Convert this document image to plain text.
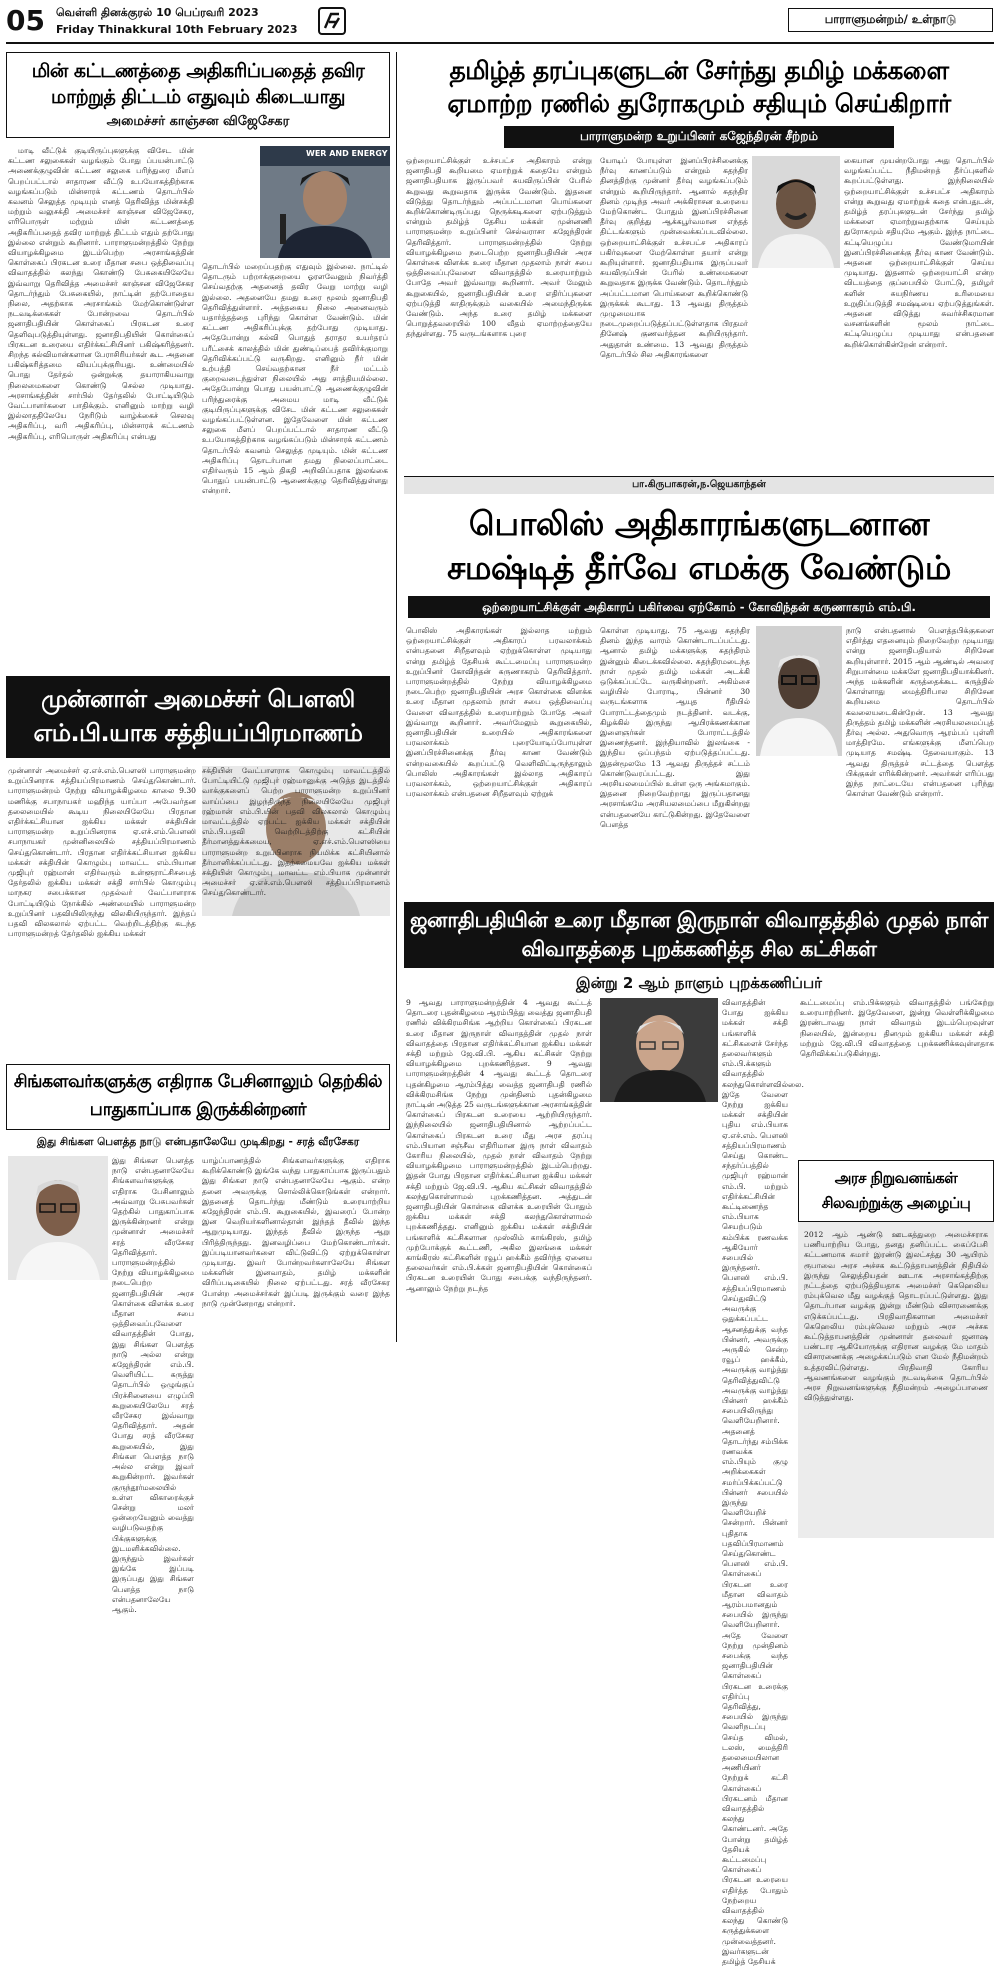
05 வெள்ளி தினக்குரல் 10 பெப்ரவரி 2023
Friday Thinakkural 10th February 2023
பாராளுமன்றம்/ உள்நாடு
மின் கட்டணத்தை அதிகரிப்பதைத் தவிர மாற்றுத் திட்டம் எதுவும் கிடையாது
அமைச்சர் காஞ்சன விஜேசேகர
மாடி வீட்டுக் குடியிருப்புகளுக்கு விசேட மின் கட்டண சலுகைகள் வழங்கும் போது ப்பயன்பாட்டு அணைக்குழுவின் கட்டண சலுகை பரிந்துரை மீளப் பெறப்பட்டால் சாதாரண வீட்டு உபயோகத்திற்காக வழங்கப்படும் மின்சாரக் கட்டணம் தொடர்பில் கவனம் செலுத்த முடியும் எனத் தெரிவித்த மின்சக்தி மற்றும் வலுசக்தி அமைச்சர் காஞ்சன விஜேசேகர, எரிபொருள் மற்றும் மின் கட்டணத்தை அதிகரிப்பதைத் தவிர மாற்றுத் திட்டம் எதும் தற்போது இல்லை என்றும் கூறினார். பாராளுமன்றத்தில் நேற்று வியாழக்கிழமை இடம்பெற்ற அரசாங்கத்தின் கொள்கைப் பிரகடன உரை மீதான சபை ஒத்திவைப்பு விவாதத்தில் கலந்து கொண்டு பேசுகையிலேயே இவ்வாறு தெரிவித்த அமைச்சர் காஞ்சன விஜேசேகர தொடர்ந்தும் பேசுகையில், நாட்டின் தற்போதைய நிலை, அதற்காக அரசாங்கம் மேற்கொண்டுள்ள நடவடிக்கைகள் போன்றவை தொடர்பில் ஜனாதிபதியின் கொள்கைப் பிரகடன உரை தெளிவுபடுத்தியுள்ளது. ஜனாதிபதியின் கொள்கைப் பிரகடன உரையை எதிர்க்கட்சியினர் பகிஷ்கரித்தனர். சிறந்த கல்விமான்களான பேராசிரியர்கள் கூட அதனை பகிஷ்கரித்தமை வியப்புக்குரியது. உண்மையில் பொது தேர்தல் ஒன்றுக்கு தயாராகியவாறு நிலைமைகளை கொண்டு செல்ல முடியாது. அரசாங்கத்தின் சார்பில் தேர்தலில் போட்டியிடும் வேட்பாளர்களை பாதிக்கும். எனினும் மாற்று வழி இல்லாததிலேயே நேரிடும் வாழ்க்கைச் செலவு அதிகரிப்பு, வரி அதிகரிப்பு, மின்சாரக் கட்டணம் அதிகரிப்பு, எரிபொருள் அதிகரிப்பு என்பது
தொடர்பில் மறைப்பதற்கு எதுவும் இல்லை. நாட்டில் தொடரும் பற்றாக்குறையை ஓரளவேனும் நிவர்த்தி செய்வதற்கு அதனைத் தவிர வேறு மாற்று வழி இல்லை. அதனையே தமது உரை மூலம் ஜனாதிபதி தெரிவித்துள்ளார். அத்தகைய நிலை அனைவரும் யதார்த்தத்தை புரிந்து கொள்ள வேண்டும். மின் கட்டண அதிகரிப்புக்கு தற்போது முடியாது. அதேபோன்று கல்வி பொதுத் தராதர உயர்தரப் பரீட்சைக் காலத்தில் மின் துண்டிப்பைத் தவிர்க்குமாறு தெரிவிக்கப்பட்டு வருகிறது. எனினும் நீர் மின் உற்பத்தி செய்வதற்கான நீர் மட்டம் குறைவடைந்துள்ள நிலையில் அது சாத்தியமில்லை. அதேபோன்று பொது பயன்பாட்டு ஆணைக்குழுவின் பரிந்துரைக்கு அமைய மாடி வீட்டுக் குடியிருப்புகளுக்கு விசேட மின் கட்டண சலுகைகள் வழங்கப்பட்டுள்ளன. இதேவேளை மின் கட்டண சலுகை மீளப் பெறப்பட்டால் சாதாரண வீட்டு உபயோகத்திற்காக வழங்கப்படும் மின்சாரக் கட்டணம் தொடர்பில் கவனம் செலுத்த முடியும். மின் கட்டண அதிகரிப்பு தொடர்பான தமது நிலைப்பாட்டை எதிர்வரும் 15 ஆம் திகதி அறிவிப்பதாக இலங்கை பொதுப் பயன்பாட்டு ஆணைக்குழு தெரிவித்துள்ளது என்றார்.
WER AND ENERGY
தமிழ்த் தரப்புகளுடன் சேர்ந்து தமிழ் மக்களை ஏமாற்ற ரணில் துரோகமும் சதியும் செய்கிறார்
பாராளுமன்ற உறுப்பினர் கஜேந்திரன் சீற்றம்
ஒற்றையாட்சிக்குள் உச்சபட்ச அதிகாரம் என்று ஜனாதிபதி கூறியமை ஏமாற்றுக் கதையே என்றும் ஜனாதிபதியாக இருப்பவர் சுயவிருப்பின் பேரில் கூறுவது கூறுவதாக இருக்க வேண்டும். இதனை விடுத்து தொடர்ந்தும் அப்பட்டமான பொய்களை கூறிக்கொண்டிருப்பது நெருக்கடிகளை ஏற்படுத்தும் என்றும் தமிழ்த் தேசிய மக்கள் முன்னணி பாராளுமன்ற உறுப்பினர் செல்வராசா கஜேந்திரன் தெரிவித்தார். பாராளுமன்றத்தில் நேற்று வியாழக்கிழமை நடைபெற்ற ஜனாதிபதியின் அரச கொள்கை விளக்க உரை மீதான முதலாம் நாள் சபை ஒத்திவைப்புவேளை விவாதத்தில் உரையாற்றும் போதே அவர் இவ்வாறு கூறினார். அவர் மேலும் கூறுகையில், ஜனாதிபதியின் உரை எதிர்ப்புகளை ஏற்படுத்தி காதிருக்கும் வகையில் அமைந்திருக்க வேண்டும். அந்த உரை தமிழ் மக்களை பொறுத்தவரையில் 100 வீதம் ஏமாற்றத்தையே தந்துள்ளது. 75 வருடங்களாக புரை
யோடிப் போயுள்ள இனப்பிரச்சினைக்கு நீர்வு காணப்படும் என்றும் கதந்திர தினத்திற்கு முன்னர் தீர்வு வழங்கப்படும் என்றும் கூறியிருந்தார். ஆனால் சுதந்திர தினம் முடிந்த அவர் அக்கிராசன உரையை மேற்கொண்ட போதும் இனப்பிரச்சினை தீர்வு குறித்து ஆக்கபூர்வமான எந்தத் திட்டங்களும் முன்வைக்கப்படவில்லை. ஒற்றையாட்சிக்குள் உச்சபட்ச அதிகாரப் பகிர்வுகளை மேற்கொள்ள தயார் என்று கூறியுள்ளார். ஜனாதிபதியாக இருப்பவர் சுயவிருப்பின் பேரில் உண்மைகளை கூறுவதாக இருக்க வேண்டும். தொடர்ந்தும் அப்பட்டமான பொய்களை கூறிக்கொண்டு இருக்கக் கூடாது. 13 ஆவது திருத்தம் முழுமையாக நடைமுறைப்படுத்தப்பட்டுள்ளதாக பிரதமர் தினேஷ் குணவர்த்தன கூறியிருந்தார். அதுதான் உண்மை. 13 ஆவது திருத்தம் தொடர்பில் சில அதிகாரங்களை
கையான முயன்றபோது அது தொடர்பில் வழங்கப்பட்ட நீதிமன்றத் தீர்ப்புகளில் கூறப்பட்டுள்ளது. இந்நிலையில் ஒற்றையாட்சிக்குள் உச்சபட்ச அதிகாரம் என்று கூறுவது ஏமாற்றுக் கதை என்பதுடன், தமிழ்த் தரப்புகளுடன் சேர்ந்து தமிழ் மக்களை ஏமாற்றுவதற்காக செய்யும் துரோகமும் சதியுமே ஆகும். இந்த நாட்டை கட்டியெழுப்ப வேண்டுமாயின் இனப்பிரச்சினைக்கு தீர்வு காண வேண்டும். அதனை ஒற்றையாட்சிக்குள் செய்ய முடியாது. இதனால் ஒற்றையாட்சி என்ற விடயத்தை குப்பையில் போட்டு, தமிழர் களின் சுயநிர்ணய உரிமையை உறுதிப்படுத்தி சமஷ்டியை ஏற்படுத்துங்கள். அதனை விடுத்து சுவர்ச்சிகரமான வசனங்களின் மூலம் நாட்டை கட்டியெழுப்ப முடியாது என்பதனை கூறிக்கொள்கின்றேன் என்றார்.
பா.கிருபாகரன்,ந.ஜெயகாந்தன்
பொலிஸ் அதிகாரங்களுடனான சமஷ்டித் தீர்வே எமக்கு வேண்டும்
ஒற்றையாட்சிக்குள் அதிகாரப் பகிர்வை ஏற்கோம் - கோவிந்தன் கருணாகரம் எம்.பி.
பொலிஸ் அதிகாரங்கள் இல்லாத மற்றும் ஒற்றையாட்சிக்குள் அதிகாரப் பரவலாக்கம் என்பதனை சிறீதளவும் ஏற்றுக்கொள்ள முடியாது என்று தமிழ்த் தேசியக் கூட்டமைப்பு பாராளுமன்ற உறுப்பினர் கோவிந்தன் கருணாகரம் தெரிவித்தார். பாராளுமன்றத்தில் நேற்று வியாழக்கிழமை நடைபெற்ற ஜனாதிபதியின் அரச கொள்கை விளக்க உரை மீதான முதலாம் நாள் சபை ஒத்திவைப்பு வேளை விவாதத்தில் உரையாற்றும் போதே அவர் இவ்வாறு கூறினார். அவர்மேலும் கூறுகையில், ஜனாதிபதியின் உரையில் அதிகாரங்களை பரவலாக்கம் புரையோடிப்போயுள்ள இனப்பிரச்சினைக்கு தீர்வு காண வேண்டும் என்றவகையில் கூறப்பட்டு வெளிவிட்டிருந்தாலும் பொலிஸ் அதிகாரங்கள் இல்லாத அதிகாரப் பரவலாக்கம், ஒற்றையாட்சிக்குள் அதிகாரப் பரவலாக்கம் என்பதனை சிறீதளவும் ஏற்றுக்
கொள்ள முடியாது. 75 ஆவது சுதந்திர தினம் இந்த வாரம் கொண்டாடப்பட்டது. ஆனால் தமிழ் மக்களுக்கு சுதந்திரம் இன்னும் கிடைக்கவில்லை. சுதந்திரமடைந்த நாள் முதல் தமிழ் மக்கள் அடக்கி ஒடுக்கப்பட்டே வருகின்றனர். அகிம்சை வழியில் போராடி, பின்னர் 30 வருடங்களாக ஆயுத ரீதியில் போராட்டத்தைமும் நடத்தினர். வடக்கு, கிழக்கில் இருந்து ஆயிரக்கணக்கான இளைஞர்கள் போராட்டத்தில் இணைந்தனர். இந்தியாவில் இலங்கை - இந்திய ஒப்பந்தம் ஏற்படுத்தப்பட்டது. இதன்மூலமே 13 ஆவது திருத்தச் சட்டம் கொண்டுவரப்பட்டது. இது அரசியலமைப்பில் உள்ள ஒரு அங்கமாகும். இதனை நிறைவேற்றாது இருப்பதானது அரசாங்கமே அரசியலமைப்பை மீறுகின்றது என்பதனையே காட்டுகின்றது. இதேவேளை பௌத்த
நாடு என்பதனால் பௌத்தபிக்குகளை எதிர்த்து எதனையும் நிறைவேற்ற முடியாது என்று ஜனாதிபதியால் சிறிசேன கூறியுள்ளார். 2015 ஆம் ஆண்டில் அவரை சிறுபான்மை மக்களே ஜனாதிபதியாக்கினர். அந்த மக்களின் கருத்தைக்கூட கருத்தில் கொள்ளாது மைத்திரிபால சிறிசேன கூறியமை தொடர்பில் கவலையடைகின்றேன். 13 ஆவது திருத்தம் தமிழ் மக்களின் அரசியலமைப்புத் தீர்வு அல்ல. அதுவொரு ஆரம்பப் புள்ளி மாத்திரமே. எங்களுக்கு மீளப்பெற முடியாத சமஷ்டி தேவையாகும். 13 ஆவது திருத்தச் சட்டத்தை பௌத்த பிக்குகள் எரிக்கின்றனர். அவர்கள் எரிப்பது இந்த நாட்டையே என்பதனை புரிந்து கொள்ள வேண்டும் என்றார்.
முன்னாள் அமைச்சர் பௌஸி எம்.பி.யாக சத்தியப்பிரமாணம்
முன்னாள் அமைச்சர் ஏ.எச்.எம்.பௌஸி பாராளுமன்ற உறுப்பினராக சத்தியப்பிரமாணம் செய்துகொண்டார். பாராளுமன்றம் நேற்று வியாழக்கிழமை காலை 9.30 மணிக்கு சபாநாயகர் மஹிந்த யாப்பா அபேவர்தன தலைமையில் கூடிய நிலையிலேயே பிரதான எதிர்க்கட்சியான ஐக்கிய மக்கள் சக்தியின் பாராளுமன்ற உறுப்பினராக ஏ.எச்.எம்.பௌஸி சபாநாயகர் முன்னிலையில் சத்தியப்பிரமாணம் செய்துகொண்டார். பிரதான எதிர்க்கட்சியான ஐக்கிய மக்கள் சக்தியின் கொழும்பு மாவட்ட எம்.பியான முஜிபுர் ரஹ்மான் எதிர்வரும் உள்ளூராட்சிசபைத் தேர்தலில் ஐக்கிய மக்கள் சக்தி சார்பில் கொழும்பு மாநகர சபைக்கான முதல்வர் வேட்பாளராக போட்டியிடும் நோக்கில் அண்மையில் பாராளுமன்ற உறுப்பினர் பதவியிலிருந்து விலகியிருந்தார். இந்தப் பதவி விலகலால் ஏற்பட்ட வெற்றிடத்திற்கு கடந்த பாராளுமன்றத் தேர்தலில் ஐக்கிய மக்கள்
சக்தியின் வேட்பாளராக கொழும்பு மாவட்டத்தில் போட்டியிட்டு முஜிபுர் ரஹ்மானுக்கு அடுத்த இடத்தில் வாக்குகளைப் பெற்ற பாராளுமன்ற உறுப்பினர் வாய்ப்பை இழந்திருந்த நிலையிலேயே முஜிபுர் ரஹ்மான் எம்.பி.யின் பதவி விலகலால் கொழும்பு மாவட்டத்தில் ஏற்பட்ட ஐக்கிய மக்கள் சக்தியின் எம்.பி.பதவி வெற்றிடத்திற்கு கட்சியின் தீர்மானத்துக்கமைய, ஏ.எச்.எம்.பௌஸியை பாராளுமன்ற உறுப்பினராக நியமிக்க கட்சியினால் தீர்மானிக்கப்பட்டது. இதற்கமையவே ஐக்கிய மக்கள் சக்தியின் கொழும்பு மாவட்ட எம்.பியாக முன்னாள் அமைச்சர் ஏ.எச்.எம்.பௌஸி சத்தியப்பிரமாணம் செய்துகொண்டார்.
ஜனாதிபதியின் உரை மீதான இருநாள் விவாதத்தில் முதல் நாள் விவாதத்தை புறக்கணித்த சில கட்சிகள்
இன்று 2 ஆம் நாளும் புறக்கணிப்பர்
9 ஆவது பாராளுமன்றத்தின் 4 ஆவது கூட்டத் தொடரை புதன்கிழமை ஆரம்பித்து வைத்து ஜனாதிபதி ரணில் விக்கிரமசிங்க ஆற்றிய கொள்கைப் பிரகடன உரை மீதான இருநாள் விவாதத்தின் முதல் நாள் விவாதத்தை பிரதான எதிர்க்கட்சியான ஐக்கிய மக்கள் சக்தி மற்றும் ஜே.வி.பி. ஆகிய கட்சிகள் நேற்று வியாழக்கிழமை புறக்கணித்தன. 9 ஆவது பாராளுமன்றத்தின் 4 ஆவது கூட்டத் தொடரை புதன்கிழமை ஆரம்பித்து வைத்த ஜனாதிபதி ரணில் விக்கிரமசிங்க நேற்று முன்தினம் புதன்கிழமை நாட்டின் அடுத்த 25 வருடங்களுக்கான அரசாங்கத்தின் கொள்கைப் பிரகடன உரையை ஆற்றியிருந்தார். இந்நிலையில் ஜனாதிபதியினால் ஆற்றப்பட்ட கொள்கைப் பிரகடன உரை மீது அரச தரப்பு எம்.பியான சஞ்சீவ எதிரிமான இரு நாள் விவாதம் கோரிய நிலையில், முதல் நாள் விவாதம் நேற்று வியாழக்கிழமை பாராளுமன்றத்தில் இடம்பெற்றது. இதன் போது பிரதான எதிர்க்கட்சியான ஐக்கிய மக்கள் சக்தி மற்றும் ஜே.வி.பி. ஆகிய கட்சிகள் விவாதத்தில் கலந்துகொள்ளாமல் புறக்கணித்தன. அத்துடன் ஜனாதிபதியின் கொள்கை விளக்க உரையின் போதும் ஐக்கிய மக்கள் சக்தி கலந்துகொள்ளாமல் புறக்கணித்தது. எனினும் ஐக்கிய மக்கள் சக்தியின் பங்காளிக் கட்சிகளான முஸ்லிம் காங்கிரஸ், தமிழ் முற்போக்குக் கூட்டணி, அகில இலங்கை மக்கள் காங்கிரஸ் கட்சிகளின் ரவூப் ஹக்கீம் தவிர்ந்த ஏனைய தலைவர்கள் எம்.பி.க்கள் ஜனாதிபதியின் கொள்கைப் பிரகடன உரையின் போது சபைக்கு வந்திருந்தனர். ஆனாலும் நேற்று நடந்த
விவாதத்தின் போது ஐக்கிய மக்கள் சக்தி பங்காளிக் கட்சிகளைச் சேர்ந்த தலைவர்களும் எம்.பி.க்களும் விவாதத்தில் கலந்துகொள்ளவில்லை. இதே வேளை நேற்று ஐக்கிய மக்கள் சக்தியின் புதிய எம்.பியாக ஏ.எச்.எம். பௌஸி சத்தியப்பிரமாணம் செய்து கொண்ட சந்தர்ப்பத்தில் முஜிபுர் ரஹ்மான் எம்.பி. மற்றும் எதிர்க்கட்சியின் கூட்டிணைந்த எம்.பியாக செயற்படும் கம்பிக்க ரணவக்க ஆகியோர் சபையில் இருந்தனர். பௌஸி எம்.பி. சத்தியப்பிரமாணம் செய்துவிட்டு அவருக்கு ஒதுக்கப்பட்ட ஆசனத்துக்கு வந்த பின்னர், அவருக்கு அருகில் சென்ற ரவூப் ஹக்கீம், அவருக்கு வாழ்த்து தெரிவித்துவிட்டு அவருக்கு வாழ்த்து பின்னர் ஹக்கீம் சபையிலிருந்து வெளியேறினார். அதனைத் தொடர்ந்து சம்பிக்க ரணவக்க எம்.பியும் குழு அறிக்கைகள் சமர்ப்பிக்கப்பட்டு பின்னர் சபையில் இருந்து வெளியேறிச் சென்றார். பின்னர் புதிதாக பதவிப்பிரமாணம் செய்துகொண்ட பௌஸி எம்.பி. கொள்கைப் பிரகடன உரை மீதான விவாதம் ஆரம்பமானதும் சபையில் இருந்து வெளியேறினார். அதே வேளை நேற்று முன்தினம் சபைக்கு வந்த ஜனாதிபதியின் கொள்கைப் பிரகடன உரைக்கு எதிர்ப்பு தெரிவித்து, சபையில் இருந்து வெளிநடப்பு செய்த விமல், டலஸ், மைத்திரி தலைமையிலான அணியினர் நேற்றுக் கட்சி கொள்கைப் பிரகடனம் மீதான விவாதத்தில் கலந்து கொண்டனர். அதே போன்று தமிழ்த் தேசியக் கூட்டமைப்பு கொள்கைப் பிரகடன உரையை எதிர்த்த போதும் நேற்றைய விவாதத்தில் கலந்து கொண்டு கருத்துக்களை முன்வைத்தனர். இவர்களுடன் தமிழ்த் தேசியக்
கூட்டமைப்பு எம்.பிக்களும் விவாதத்தில் பங்கேற்று உரையாற்றினர். இதேவேளை, இன்று வெள்ளிக்கிழமை இரண்டாவது நாள் விவாதம் இடம்பெறவுள்ள நிலையில், இன்றைய தினமும் ஐக்கிய மக்கள் சக்தி மற்றும் ஜே.வி.பி விவாதத்தை புறக்கணிக்கவுள்ளதாக தெரிவிக்கப்படுகின்றது.
சிங்களவர்களுக்கு எதிராக பேசினாலும் தெற்கில் பாதுகாப்பாக இருக்கின்றனர்
இது சிங்கள பௌத்த நாடு என்பதாலேயே முடிகிறது - சரத் வீரசேகர
இது சிங்கள பௌத்த நாடு என்பதனாலேயே சிங்களவர்களுக்கு எதிராக பேசினாலும் அவ்வாறு பேசுபவர்கள் தெற்கில் பாதுகாப்பாக இருக்கின்றனர் என்று முன்னாள் அமைச்சர் சரத் வீரசேகர தெரிவித்தார். பாராளுமன்றத்தில் நேற்று வியாழக்கிழமை நடைபெற்ற ஜனாதிபதியின் அரச கொள்கை விளக்க உரை மீதான சபை ஒத்திவைப்புவேளை விவாதத்தின் போது, இது சிங்கள பௌத்த நாடு அல்ல என்று கஜேந்திரன் எம்.பி. வெளியிட்ட கருத்து தொடர்பில் ஒழுங்குப் பிரச்சினையை எழுப்பி கூறுகையிலேயே சரத் வீரசேகர இவ்வாறு தெரிவித்தார். அதன் போது சரத் வீரசேகர கூறுகையில், இது சிங்கள பௌத்த நாடு அல்ல என்று இவர் கூறுகின்றார். இவர்கள் குருந்தூர்மலையில் உள்ள விகாரைக்குச் சென்று மலர் ஒன்றையேனும் வைத்து வழிபடுவதற்கு பிக்குகளுக்கு இடமளிக்கவில்லை. இருந்தும் இவர்கள் இங்கே இப்படி இருப்பது இது சிங்கள பௌத்த நாடு என்பதனாலேயே ஆகும்.
யாழ்ப்பாணத்தில் சிங்களவர்களுக்கு எதிராக கூறிக்கொண்டு இங்கே வந்து பாதுகாப்பாக இருப்பதும் இது சிங்கள நாடு என்பதனாலேயே ஆகும். என்ற தனை அவருக்கு சொல்லிக்கொடுங்கள் என்றார். இதனைத் தொடர்ந்து மீண்டும் உரையாற்றிய கஜேந்திரன் எம்.பி. கூறுகையில், இவரைப் போன்ற இன வெறியர்களினால்தான் இந்தத் தீவில் இந்த ஆறுமுடியாது. இந்தத் தீவில் இருந்த ஆறு பிரித்திருந்தது. இனவழிப்பை மேற்கொண்டார்கள். இப்படியானவர்களை விட்டுவிட்டு ஏற்றுக்கொள்ள முடியாது. இவர் போன்றவர்களாலேயே சிங்கள மக்களின் இனவாதம், தமிழ் மக்களின் விரிப்படிகையில் நிலை ஏற்பட்டது. சரத் வீரசேகர போன்ற அமைச்சர்கள் இப்படி இருக்கும் வரை இந்த நாடு முன்னேறாது என்றார்.
அரச நிறுவனங்கள் சிலவற்றுக்கு அழைப்பு
2012 ஆம் ஆண்டு ஊடகத்துறை அமைச்சராக பணியாற்றிய போது, தனது தனிப்பட்ட கைப்பேசி கட்டணமாக சுமார் இரண்டு இலட்சத்து 30 ஆயிரம் ரூபாவை அரச அச்சக கூட்டுத்தாபனத்தின் நிதியில் இருந்து செலுத்தியதன் ஊடாக அரசாங்கத்திற்கு நட்டத்தை ஏற்படுத்தியதாக அமைச்சர் கெஹெலிய ரம்புக்வெல மீது வழக்குத் தொடரப்பட்டுள்ளது. இது தொடர்பான வழக்கு இன்று மீண்டும் விசாரணைக்கு எடுக்கப்பட்டது. பிரதிவாதிகளான அமைச்சர் கெஹெலிய ரம்புக்வெல மற்றும் அரச அச்சக கூட்டுத்தாபனத்தின் முன்னாள் தலைவர் ஜனாஷ பண்டார ஆகியோருக்கு எதிரான வழக்கு மே மாதம் விசாரணைக்கு அழைக்கப்படும் என மேல் நீதிமன்றம் உத்தரவிட்டுள்ளது. பிரதிவாதி கோரிய ஆவணங்களை வழங்கும் நடவடிக்கை தொடர்பில் அரச நிறுவனங்களுக்கு நீதிமன்றம் அழைப்பாணை விடுத்துள்ளது.
